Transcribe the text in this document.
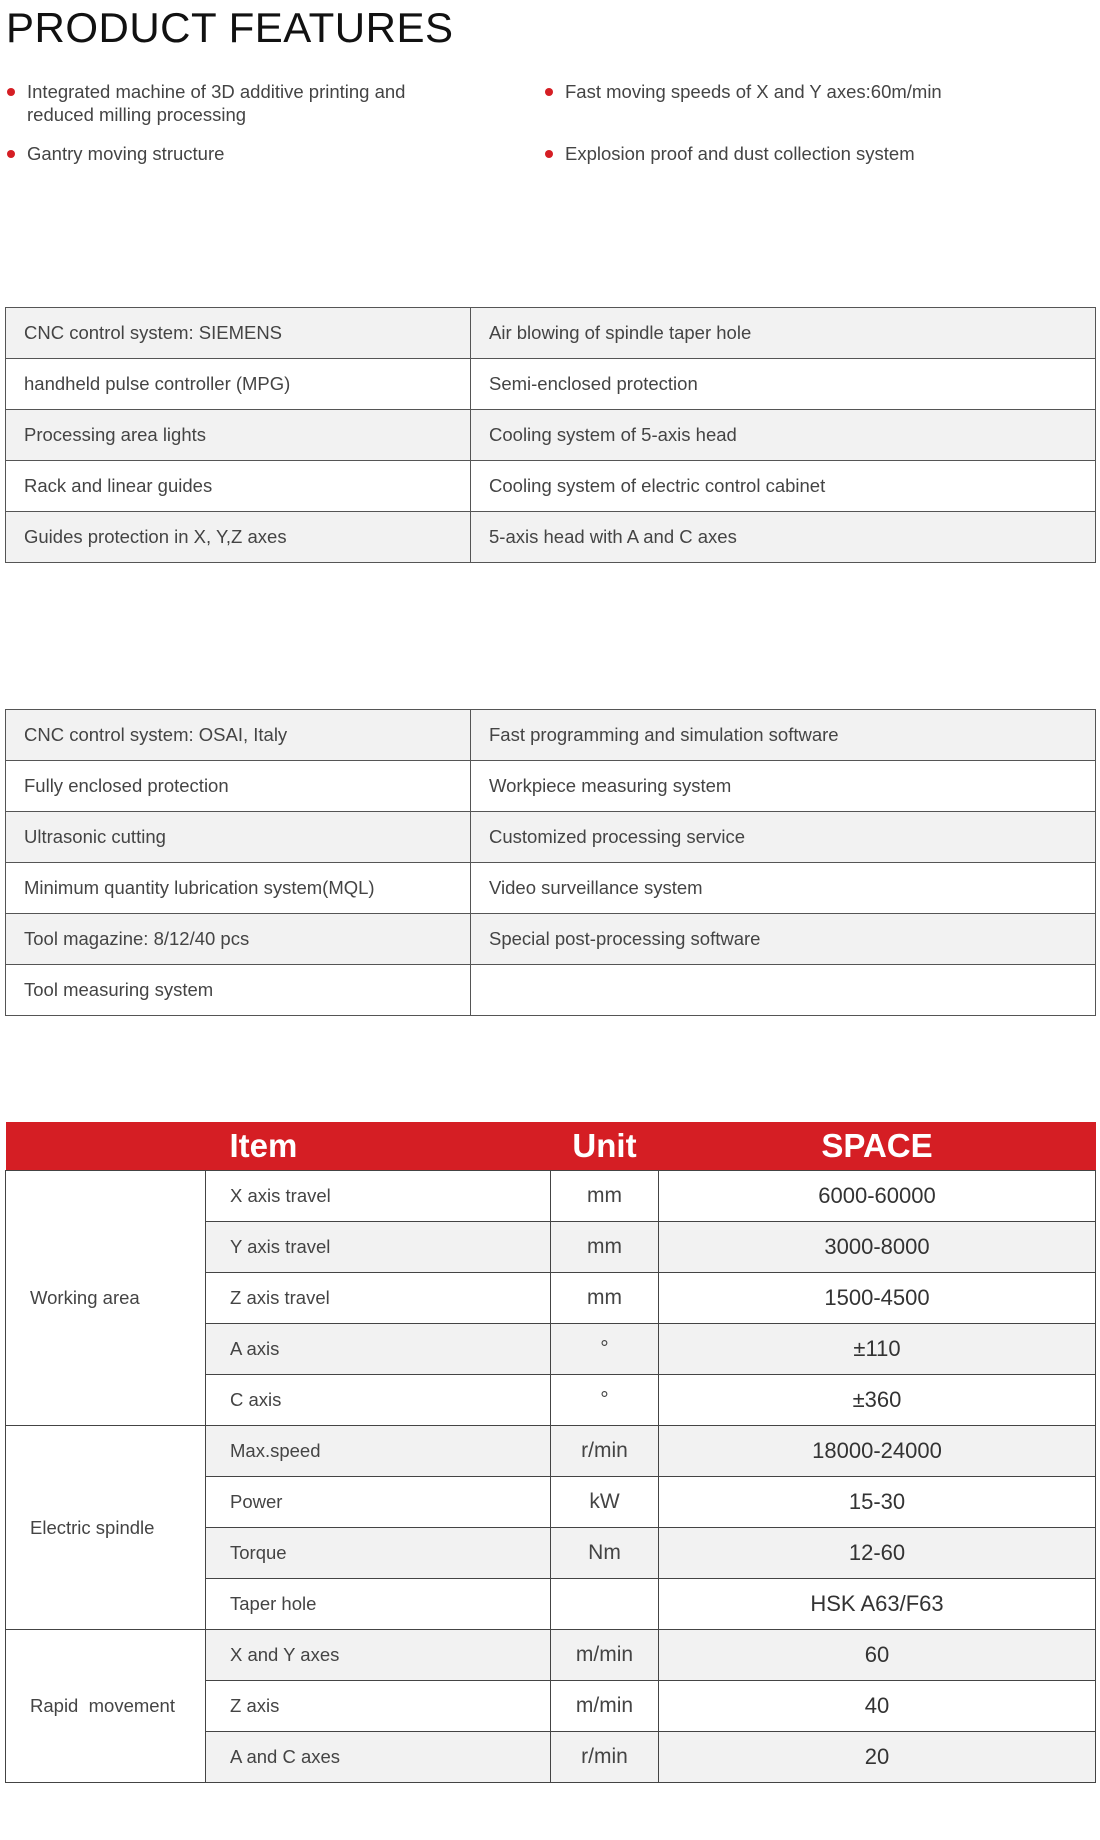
PRODUCT FEATURES
Integrated machine of 3D additive printing and reduced milling processing
Gantry moving structure
Fast moving speeds of X and Y axes:60m/min
Explosion proof and dust collection system
Standard configuration	
CNC control system: SIEMENS	Air blowing of spindle taper hole
handheld pulse controller (MPG)	Semi-enclosed protection
Processing area lights	Cooling system of 5-axis head
Rack and linear guides	Cooling system of electric control cabinet
Guides protection in X, Y,Z axes	5-axis head with A and C axes
Option Configuration	
CNC control system: OSAI, Italy	Fast programming and simulation software
Fully enclosed protection	Workpiece measuring system
Ultrasonic cutting	Customized processing service
Minimum quantity lubrication system(MQL)	Video surveillance system
Tool magazine: 8/12/40 pcs	Special post-processing software
Tool measuring system	
	Item	Unit	SPACE
Working area	X axis travel	mm	6000-60000
	Y axis travel	mm	3000-8000
	Z axis travel	mm	1500-4500
	A axis	°	±110
	C axis	°	±360
Electric spindle	Max.speed	r/min	18000-24000
	Power	kW	15-30
	Torque	Nm	12-60
	Taper hole		HSK A63/F63
Rapid  movement	X and Y axes	m/min	60
	Z axis	m/min	40
	A and C axes	r/min	20
